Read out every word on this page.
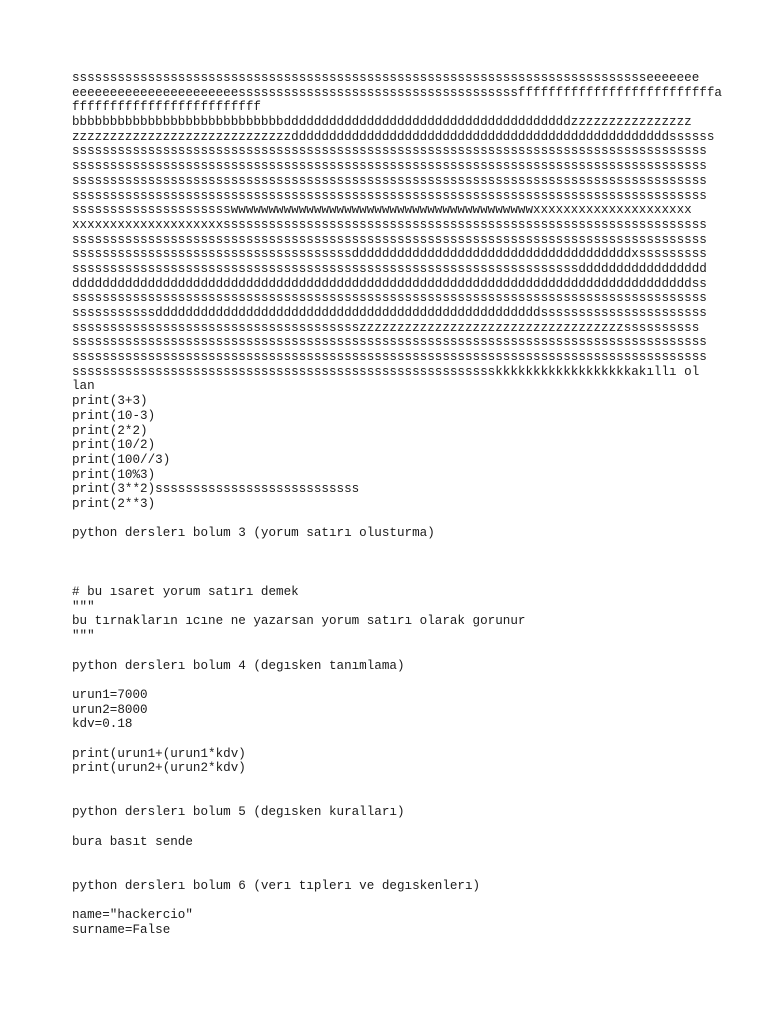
sssssssssssssssssssssssssssssssssssssssssssssssssssssssssssssssssssssssssssseeeeeee
eeeeeeeeeeeeeeeeeeeeeesssssssssssssssssssssssssssssssssssssffffffffffffffffffffffffffa
fffffffffffffffffffffffff
bbbbbbbbbbbbbbbbbbbbbbbbbbbbddddddddddddddddddddddddddddddddddddddzzzzzzzzzzzzzzzz
zzzzzzzzzzzzzzzzzzzzzzzzzzzzzddddddddddddddddddddddddddddddddddddddddddddddddddssssss
ssssssssssssssssssssssssssssssssssssssssssssssssssssssssssssssssssssssssssssssssssss
ssssssssssssssssssssssssssssssssssssssssssssssssssssssssssssssssssssssssssssssssssss
ssssssssssssssssssssssssssssssssssssssssssssssssssssssssssssssssssssssssssssssssssss
ssssssssssssssssssssssssssssssssssssssssssssssssssssssssssssssssssssssssssssssssssss
ssssssssssssssssssssswwwwwwwwwwwwwwwwwwwwwwwwwwwwwwwwwwwwwwwwxxxxxxxxxxxxxxxxxxxxx
xxxxxxxxxxxxxxxxxxxxssssssssssssssssssssssssssssssssssssssssssssssssssssssssssssssss
ssssssssssssssssssssssssssssssssssssssssssssssssssssssssssssssssssssssssssssssssssss
sssssssssssssssssssssssssssssssssssssdddddddddddddddddddddddddddddddddddddxsssssssss
sssssssssssssssssssssssssssssssssssssssssssssssssssssssssssssssssssddddddddddddddddd
ddddddddddddddddddddddddddddddddddddddddddddddddddddddddddddddddddddddddddddddddddss
ssssssssssssssssssssssssssssssssssssssssssssssssssssssssssssssssssssssssssssssssssss
sssssssssssdddddddddddddddddddddddddddddddddddddddddddddddddddssssssssssssssssssssss
sssssssssssssssssssssssssssssssssssssszzzzzzzzzzzzzzzzzzzzzzzzzzzzzzzzzzzssssssssss
ssssssssssssssssssssssssssssssssssssssssssssssssssssssssssssssssssssssssssssssssssss
ssssssssssssssssssssssssssssssssssssssssssssssssssssssssssssssssssssssssssssssssssss
sssssssssssssssssssssssssssssssssssssssssssssssssssssssskkkkkkkkkkkkkkkkkkakıllı ol
lan
print(3+3)
print(10-3)
print(2*2)
print(10/2)
print(100//3)
print(10%3)
print(3**2)sssssssssssssssssssssssssss
print(2**3)
python derslerı bolum 3 (yorum satırı olusturma)
# bu ısaret yorum satırı demek
"""
bu tırnakların ıcıne ne yazarsan yorum satırı olarak gorunur
"""
python derslerı bolum 4 (degısken tanımlama)
urun1=7000
urun2=8000
kdv=0.18
print(urun1+(urun1*kdv)
print(urun2+(urun2*kdv)
python derslerı bolum 5 (degısken kuralları)
bura basıt sende
python derslerı bolum 6 (verı tıplerı ve degıskenlerı)
name="hackercio"
surname=False
